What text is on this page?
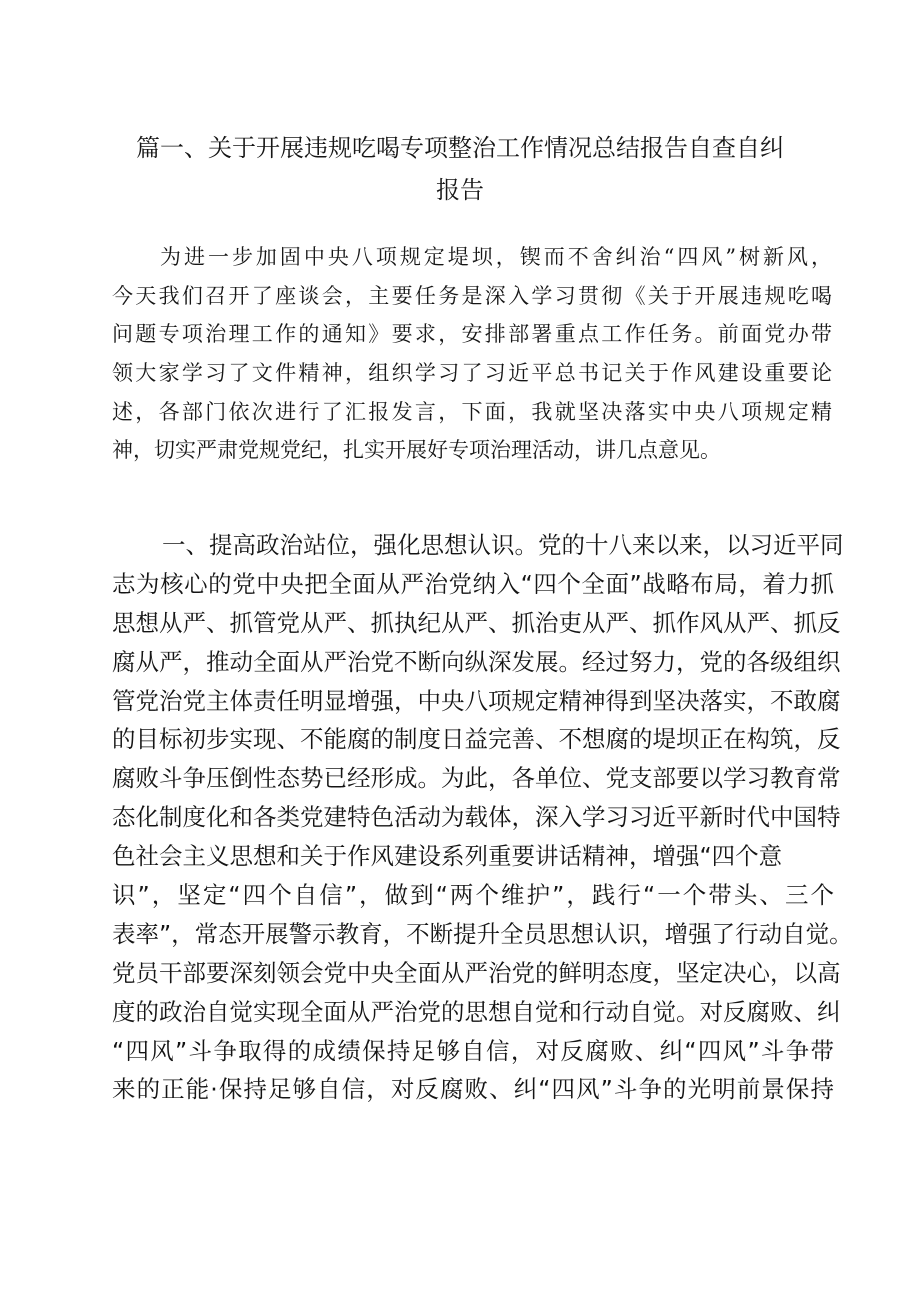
篇一、关于开展违规吃喝专项整治工作情况总结报告自查自纠
报告
为进一步加固中央八项规定堤坝，锲而不舍纠治“四风”树新风，
今天我们召开了座谈会，主要任务是深入学习贯彻《关于开展违规吃喝
问题专项治理工作的通知》要求，安排部署重点工作任务。前面党办带
领大家学习了文件精神，组织学习了习近平总书记关于作风建设重要论
述，各部门依次进行了汇报发言，下面，我就坚决落实中央八项规定精
神，切实严肃党规党纪，扎实开展好专项治理活动，讲几点意见。
一、提高政治站位，强化思想认识。党的十八来以来，以习近平同
志为核心的党中央把全面从严治党纳入“四个全面”战略布局，着力抓
思想从严、抓管党从严、抓执纪从严、抓治吏从严、抓作风从严、抓反
腐从严，推动全面从严治党不断向纵深发展。经过努力，党的各级组织
管党治党主体责任明显增强，中央八项规定精神得到坚决落实，不敢腐
的目标初步实现、不能腐的制度日益完善、不想腐的堤坝正在构筑，反
腐败斗争压倒性态势已经形成。为此，各单位、党支部要以学习教育常
态化制度化和各类党建特色活动为载体，深入学习习近平新时代中国特
色社会主义思想和关于作风建设系列重要讲话精神，增强“四个意
识”，坚定“四个自信”，做到“两个维护”，践行“一个带头、三个
表率”，常态开展警示教育，不断提升全员思想认识，增强了行动自觉。
党员干部要深刻领会党中央全面从严治党的鲜明态度，坚定决心，以高
度的政治自觉实现全面从严治党的思想自觉和行动自觉。对反腐败、纠
“四风”斗争取得的成绩保持足够自信，对反腐败、纠“四风”斗争带
来的正能·保持足够自信，对反腐败、纠“四风”斗争的光明前景保持
